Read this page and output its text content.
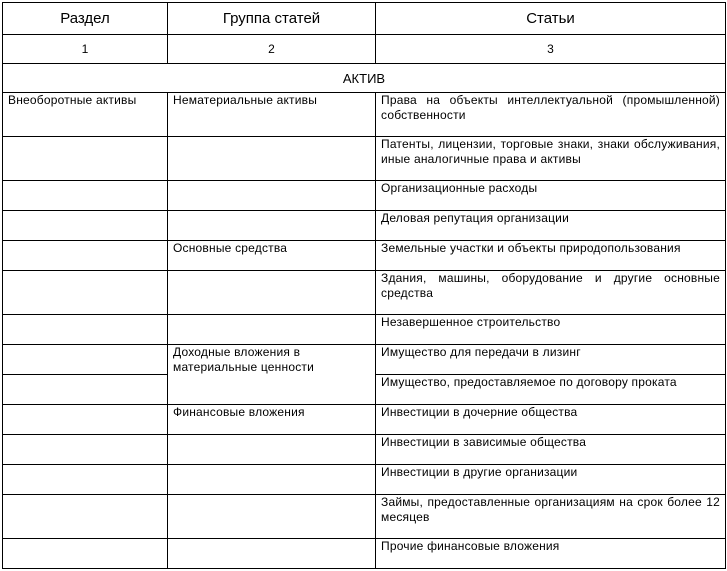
Раздел	Группа статей	Статьи
1	2	3
АКТИВ		
Внеоборотные активы	Нематериальные активы	Права на объекты интеллектуальной (промышленной) собственности
		Патенты, лицензии, торговые знаки, знаки обслуживания, иные аналогичные права и активы
		Организационные расходы
		Деловая репутация организации
	Основные средства	Земельные участки и объекты природопользования
		Здания, машины, оборудование и другие основные средства
		Незавершенное строительство
	Доходные вложения в материальные ценности	Имущество для передачи в лизинг
		Имущество, предоставляемое по договору проката
	Финансовые вложения	Инвестиции в дочерние общества
		Инвестиции в зависимые общества
		Инвестиции в другие организации
		Займы, предоставленные организациям на срок более 12 месяцев
		Прочие финансовые вложения
